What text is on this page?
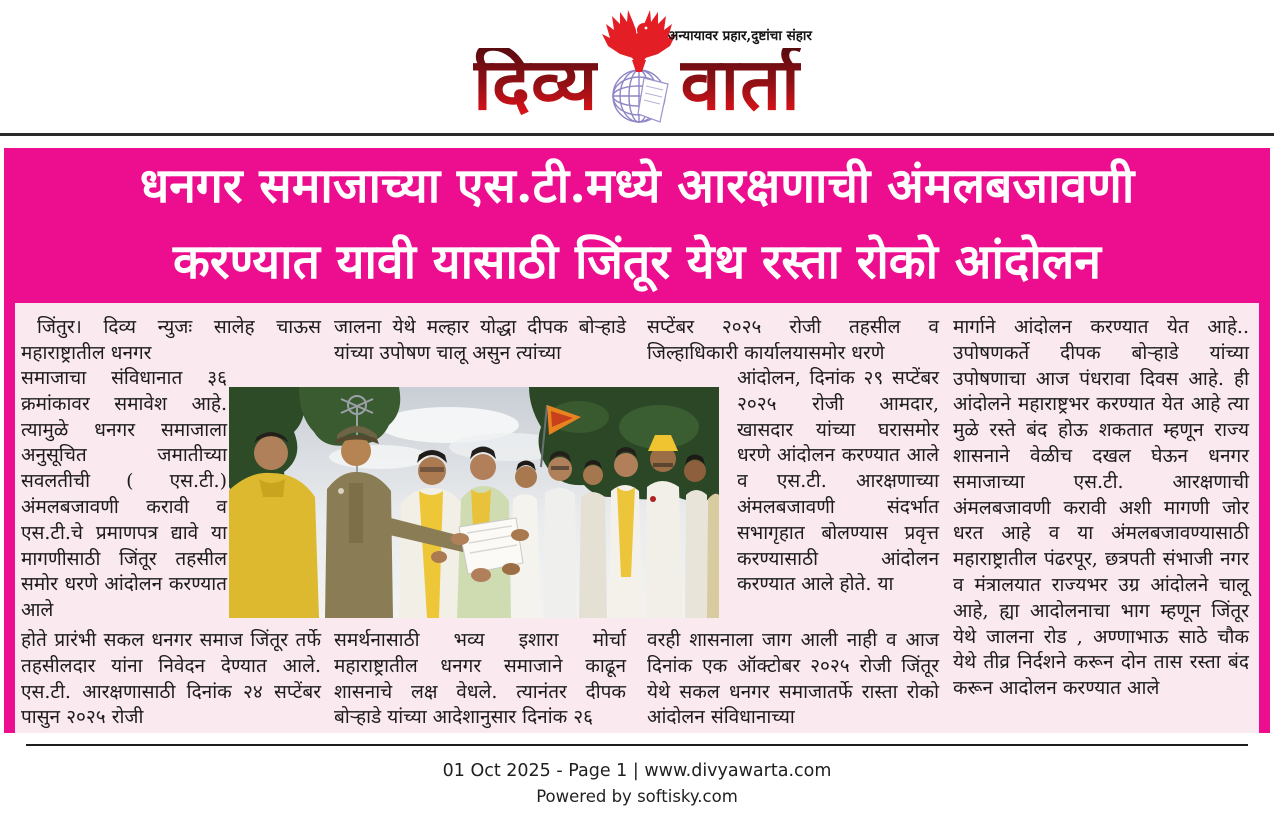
दिव्य वार्ता
अन्यायावर प्रहार,दुष्टांचा संहार
धनगर समाजाच्या एस.टी.मध्ये आरक्षणाची अंमलबजावणी
करण्यात यावी यासाठी जिंतूर येथ रस्ता रोको आंदोलन
जिंतुर। दिव्य न्युजः सालेह चाऊस महाराष्ट्रातील धनगर
समाजाचा संविधानात ३६ क्रमांकावर समावेश आहे. त्यामुळे धनगर समाजाला अनुसूचित जमातीच्या सवलतीची ( एस.टी.) अंमलबजावणी करावी व एस.टी.चे प्रमाणपत्र द्यावे या मागणीसाठी जिंतूर तहसील समोर धरणे आंदोलन करण्यात आले
होते प्रारंभी सकल धनगर समाज जिंतूर तर्फे तहसीलदार यांना निवेदन देण्यात आले. एस.टी. आरक्षणासाठी दिनांक २४ सप्टेंबर पासुन २०२५ रोजी
जालना येथे मल्हार योद्धा दीपक बोऱ्हाडे यांच्या उपोषण चालू असुन त्यांच्या
समर्थनासाठी भव्य इशारा मोर्चा महाराष्ट्रातील धनगर समाजाने काढून शासनाचे लक्ष वेधले. त्यानंतर दीपक बोऱ्हाडे यांच्या आदेशानुसार दिनांक २६
सप्टेंबर २०२५ रोजी तहसील व जिल्हाधिकारी कार्यालयासमोर धरणे
आंदोलन, दिनांक २९ सप्टेंबर २०२५ रोजी आमदार, खासदार यांच्या घरासमोर धरणे आंदोलन करण्यात आले व एस.टी. आरक्षणाच्या अंमलबजावणी संदर्भात सभागृहात बोलण्यास प्रवृत्त करण्यासाठी आंदोलन करण्यात आले होते. या
वरही शासनाला जाग आली नाही व आज दिनांक एक ऑक्टोबर २०२५ रोजी जिंतूर येथे सकल धनगर समाजातर्फे रास्ता रोको आंदोलन संविधानाच्या
मार्गाने आंदोलन करण्यात येत आहे.. उपोषणकर्ते दीपक बोऱ्हाडे यांच्या उपोषणाचा आज पंधरावा दिवस आहे. ही आंदोलने महाराष्ट्रभर करण्यात येत आहे त्या मुळे रस्ते बंद होऊ शकतात म्हणून राज्य शासनाने वेळीच दखल घेऊन धनगर समाजाच्या एस.टी. आरक्षणाची अंमलबजावणी करावी अशी मागणी जोर धरत आहे व या अंमलबजावण्यासाठी महाराष्ट्रातील पंढरपूर, छत्रपती संभाजी नगर व मंत्रालयात राज्यभर उग्र आंदोलने चालू आहे, ह्या आदोलनाचा भाग म्हणून जिंतूर येथे जालना रोड , अण्णाभाऊ साठे चौक येथे तीव्र निर्दशने करून दोन तास रस्ता बंद करून आदोलन करण्यात आले
01 Oct 2025 - Page 1 | www.divyawarta.com
Powered by softisky.com
